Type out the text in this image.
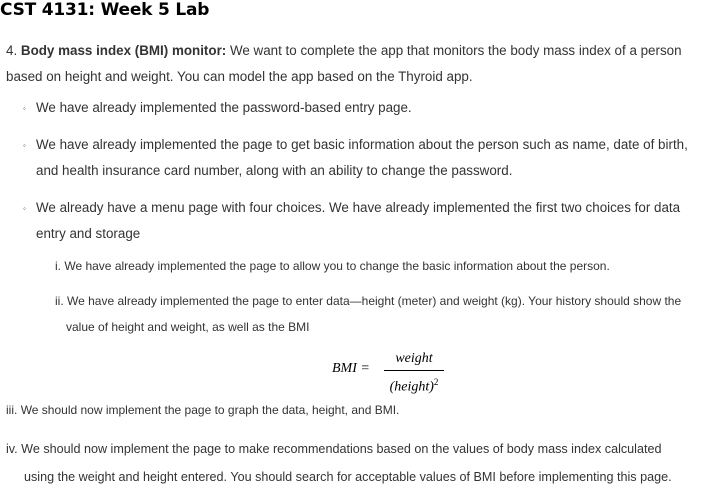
CST 4131: Week 5 Lab
4. Body mass index (BMI) monitor: We want to complete the app that monitors the body mass index of a person
based on height and weight. You can model the app based on the Thyroid app.
◦ We have already implemented the password-based entry page.
◦ We have already implemented the page to get basic information about the person such as name, date of birth,
and health insurance card number, along with an ability to change the password.
◦ We already have a menu page with four choices. We have already implemented the first two choices for data
entry and storage
i. We have already implemented the page to allow you to change the basic information about the person.
ii. We have already implemented the page to enter data—height (meter) and weight (kg). Your history should show the
value of height and weight, as well as the BMI
BMI =
weight
(height)$^2$
iii. We should now implement the page to graph the data, height, and BMI.
iv. We should now implement the page to make recommendations based on the values of body mass index calculated
using the weight and height entered. You should search for acceptable values of BMI before implementing this page.
